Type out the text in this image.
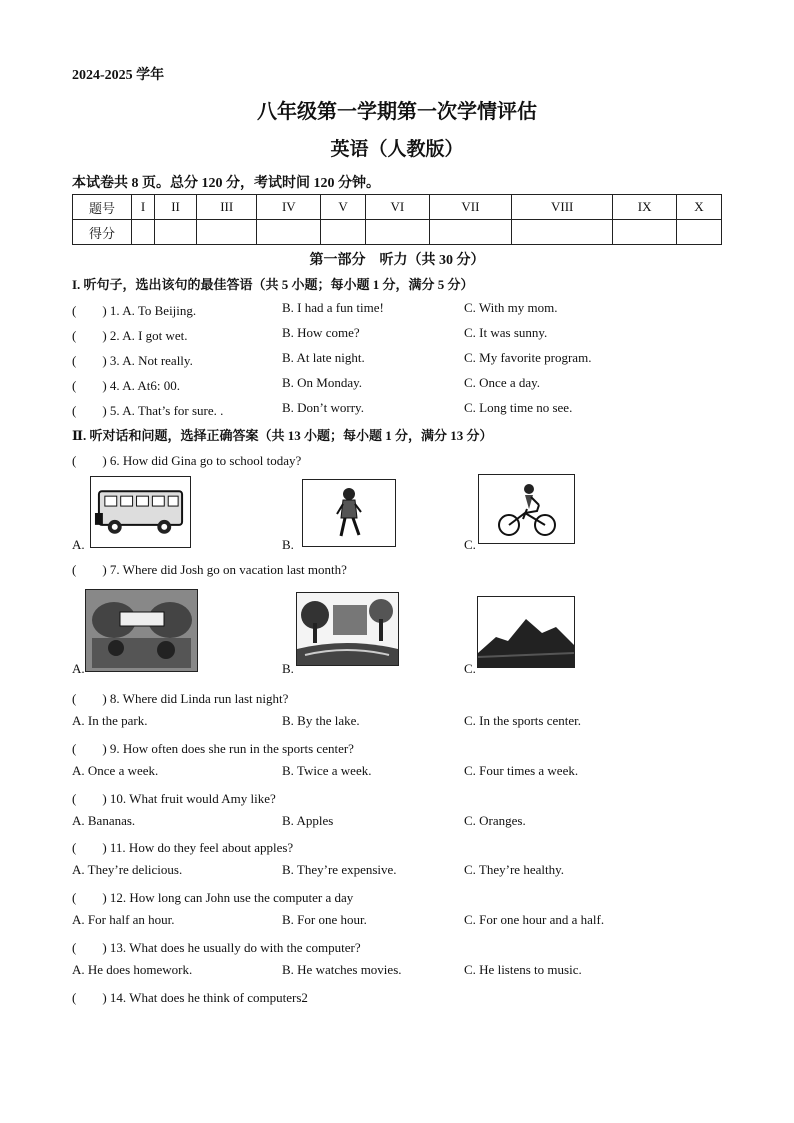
2024-2025 学年
八年级第一学期第一次学情评估
英语（人教版）
本试卷共 8 页。总分 120 分，考试时间 120 分钟。
题号	I	II	III	IV	V	VI	VII	VIII	IX	X
得分										
第一部分　听力（共 30 分）
I. 听句子，选出该句的最佳答语（共 5 小题；每小题 1 分，满分 5 分）
(　　) 1. A. To Beijing.	B. I had a fun time!	C. With my mom.
(　　) 2. A. I got wet.	B. How come?	C. It was sunny.
(　　) 3. A. Not really.	B. At late night.	C. My favorite program.
(　　) 4. A. At6: 00.	B. On Monday.	C. Once a day.
(　　) 5. A. That’s for sure. .	B. Don’t worry.	C. Long time no see.
Ⅱ. 听对话和问题，选择正确答案（共 13 小题；每小题 1 分，满分 13 分）
(　　) 6. How did Gina go to school today?
A.	B.	C.
(　　) 7. Where did Josh go on vacation last month?
A.	B.	C.
(　　) 8. Where did Linda run last night?
A. In the park.	B. By the lake.	C. In the sports center.
(　　) 9. How often does she run in the sports center?
A. Once a week.	B. Twice a week.	C. Four times a week.
(　　) 10. What fruit would Amy like?
A. Bananas.	B. Apples	C. Oranges.
(　　) 11. How do they feel about apples?
A. They’re delicious.	B. They’re expensive.	C. They’re healthy.
(　　) 12. How long can John use the computer a day
A. For half an hour.	B. For one hour.	C. For one hour and a half.
(　　) 13. What does he usually do with the computer?
A. He does homework.	B. He watches movies.	C. He listens to music.
(　　) 14. What does he think of computers2
